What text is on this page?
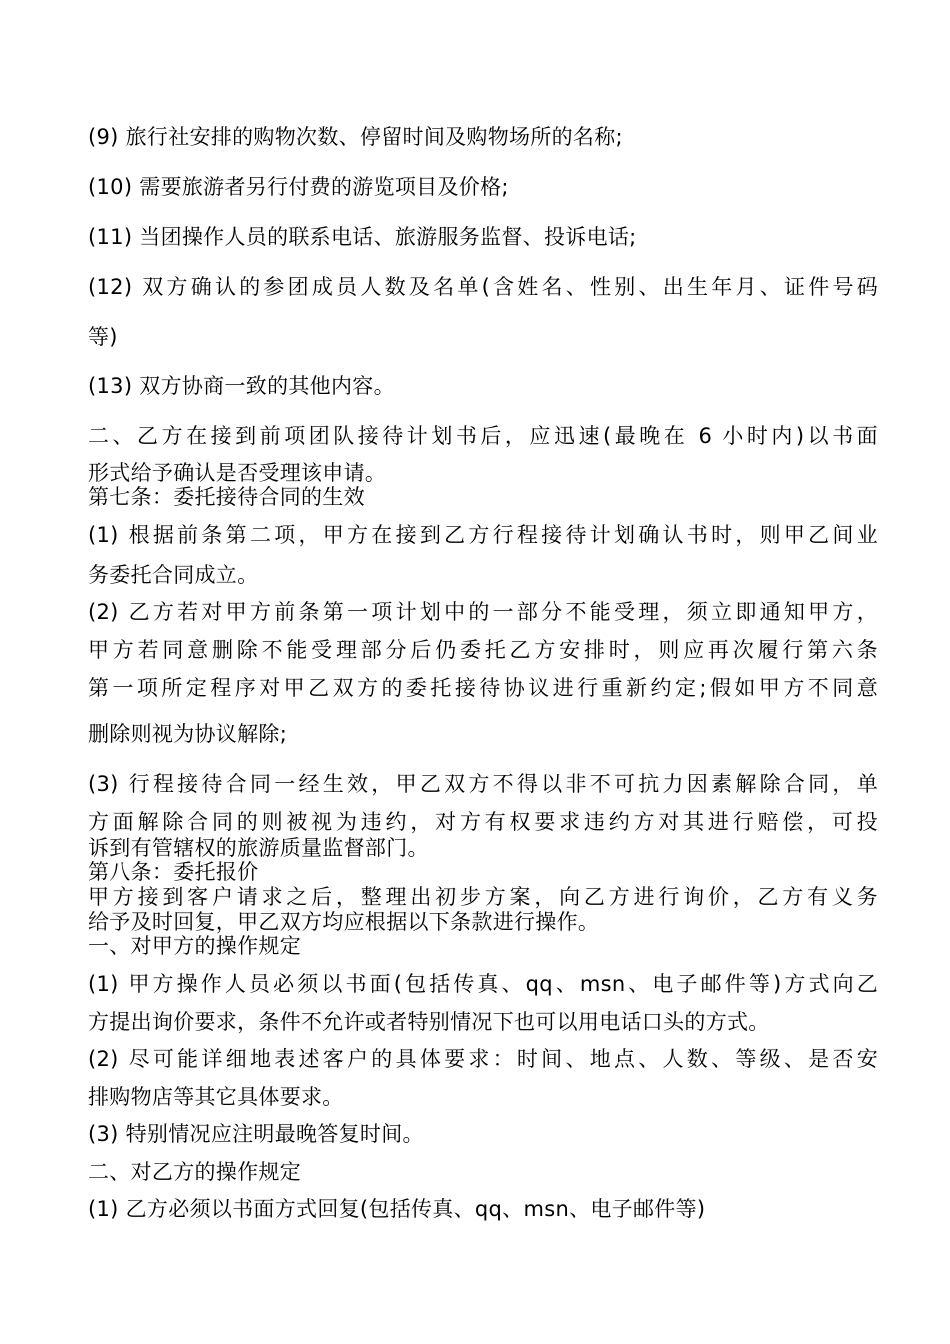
(9) 旅行社安排的购物次数、停留时间及购物场所的名称;
(10) 需要旅游者另行付费的游览项目及价格;
(11) 当团操作人员的联系电话、旅游服务监督、投诉电话;
(12) 双方确认的参团成员人数及名单(含姓名、性别、出生年月、证件号码
等)
(13) 双方协商一致的其他内容。
二、乙方在接到前项团队接待计划书后，应迅速(最晚在 6 小时内)以书面
形式给予确认是否受理该申请。
第七条：委托接待合同的生效
(1) 根据前条第二项，甲方在接到乙方行程接待计划确认书时，则甲乙间业
务委托合同成立。
(2) 乙方若对甲方前条第一项计划中的一部分不能受理，须立即通知甲方，
甲方若同意删除不能受理部分后仍委托乙方安排时，则应再次履行第六条
第一项所定程序对甲乙双方的委托接待协议进行重新约定;假如甲方不同意
删除则视为协议解除;
(3) 行程接待合同一经生效，甲乙双方不得以非不可抗力因素解除合同，单
方面解除合同的则被视为违约，对方有权要求违约方对其进行赔偿，可投
诉到有管辖权的旅游质量监督部门。
第八条：委托报价
甲方接到客户请求之后，整理出初步方案，向乙方进行询价，乙方有义务
给予及时回复，甲乙双方均应根据以下条款进行操作。
一、对甲方的操作规定
(1) 甲方操作人员必须以书面(包括传真、qq、msn、电子邮件等)方式向乙
方提出询价要求，条件不允许或者特别情况下也可以用电话口头的方式。
(2) 尽可能详细地表述客户的具体要求：时间、地点、人数、等级、是否安
排购物店等其它具体要求。
(3) 特别情况应注明最晚答复时间。
二、对乙方的操作规定
(1) 乙方必须以书面方式回复(包括传真、qq、msn、电子邮件等)
